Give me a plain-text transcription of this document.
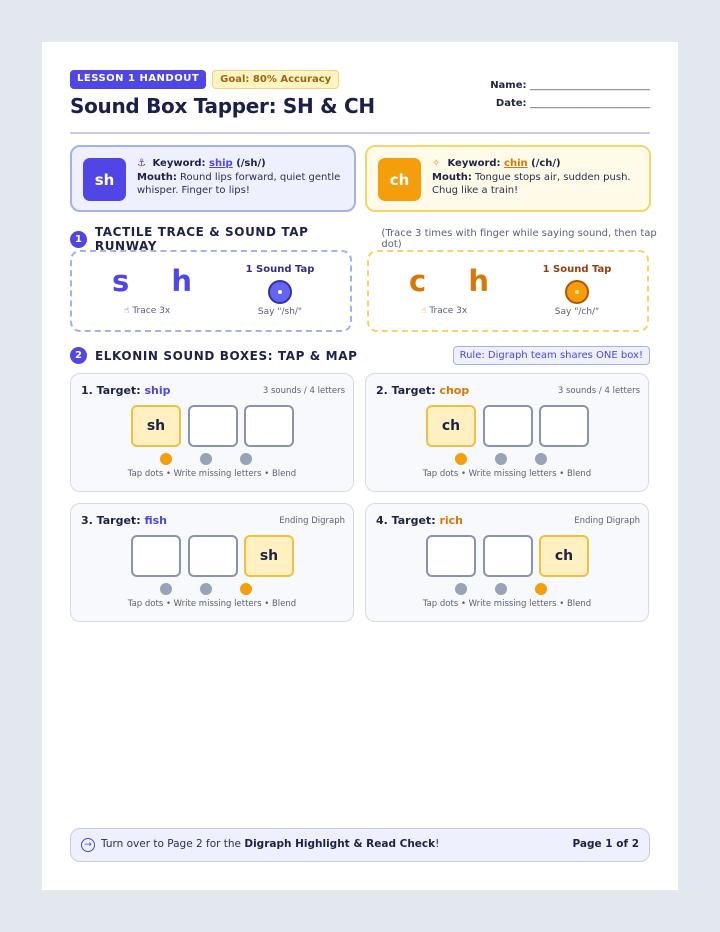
LESSON 1 HANDOUT	Goal: 80% Accuracy
Sound Box Tapper: SH & CH
Name: ________________________
Date: ________________________
sh
⚓ Keyword: ship (/sh/)
Mouth: Round lips forward, quiet gentle whisper. Finger to lips!
ch
✧ Keyword: chin (/ch/)
Mouth: Tongue stops air, sudden push. Chug like a train!
1	TACTILE TRACE & SOUND TAP RUNWAY
(Trace 3 times with finger while saying sound, then tap dot)
s h
☝ Trace 3x
1 Sound Tap
Say "/sh/"
c h
☝ Trace 3x
1 Sound Tap
Say "/ch/"
2	ELKONIN SOUND BOXES: TAP & MAP	Rule: Digraph team shares ONE box!
1. Target: ship	3 sounds / 4 letters
sh
Tap dots • Write missing letters • Blend
2. Target: chop	3 sounds / 4 letters
ch
Tap dots • Write missing letters • Blend
3. Target: fish	Ending Digraph
sh
Tap dots • Write missing letters • Blend
4. Target: rich	Ending Digraph
ch
Tap dots • Write missing letters • Blend
→ Turn over to Page 2 for the Digraph Highlight & Read Check!	Page 1 of 2
